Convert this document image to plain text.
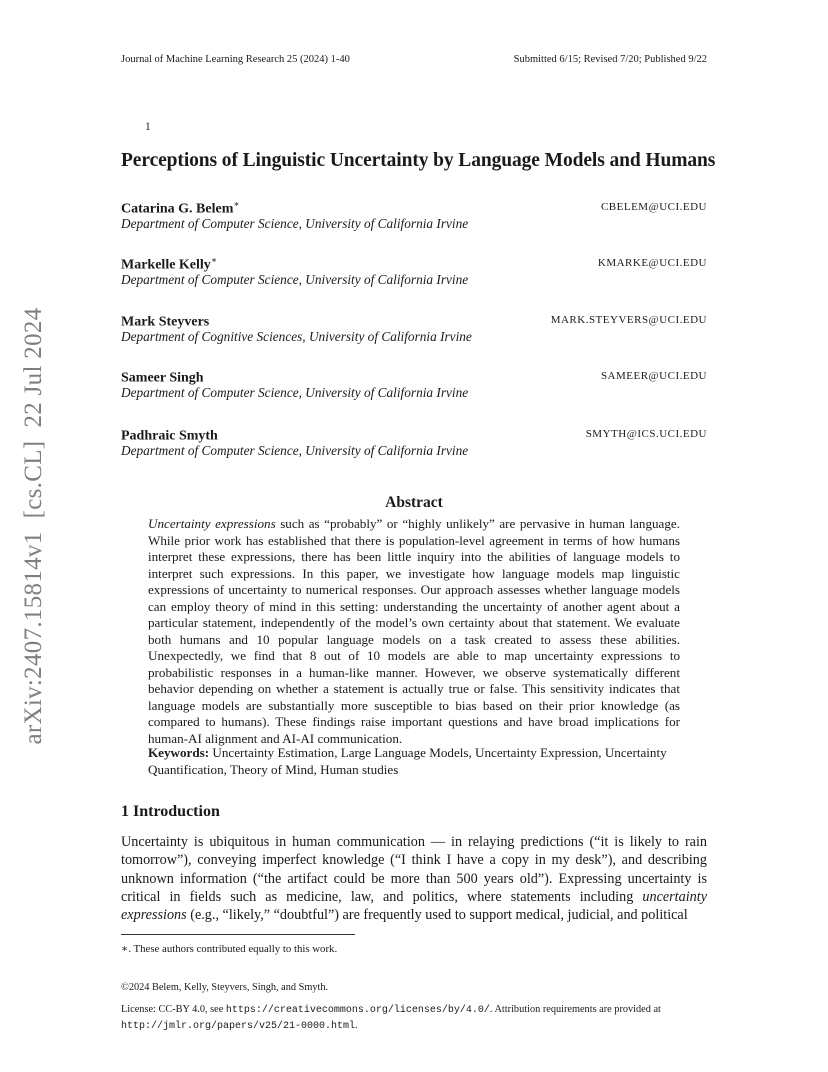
Journal of Machine Learning Research 25 (2024) 1-40	Submitted 6/15; Revised 7/20; Published 9/22
1
Perceptions of Linguistic Uncertainty by Language Models and Humans
Catarina G. Belem∗	CBELEM@UCI.EDU
Department of Computer Science, University of California Irvine
Markelle Kelly∗	KMARKE@UCI.EDU
Department of Computer Science, University of California Irvine
Mark Steyvers	MARK.STEYVERS@UCI.EDU
Department of Cognitive Sciences, University of California Irvine
Sameer Singh	SAMEER@UCI.EDU
Department of Computer Science, University of California Irvine
Padhraic Smyth	SMYTH@ICS.UCI.EDU
Department of Computer Science, University of California Irvine
Abstract

Uncertainty expressions such as “probably” or “highly unlikely” are pervasive in human language. While prior work has established that there is population-level agreement in terms of how humans interpret these expressions, there has been little inquiry into the abilities of language models to interpret such expressions. In this paper, we investigate how language models map linguistic expressions of uncertainty to numerical responses. Our approach assesses whether language models can employ theory of mind in this setting: understanding the uncertainty of another agent about a particular statement, independently of the model’s own certainty about that statement. We evaluate both humans and 10 popular language models on a task created to assess these abilities. Unexpectedly, we find that 8 out of 10 models are able to map uncertainty expressions to probabilistic responses in a human-like manner. However, we observe systematically different behavior depending on whether a statement is actually true or false. This sensitivity indicates that language models are substantially more susceptible to bias based on their prior knowledge (as compared to humans). These findings raise important questions and have broad implications for human-AI alignment and AI-AI communication.

Keywords: Uncertainty Estimation, Large Language Models, Uncertainty Expression, Uncertainty Quantification, Theory of Mind, Human studies
1 Introduction

Uncertainty is ubiquitous in human communication — in relaying predictions (“it is likely to rain tomorrow”), conveying imperfect knowledge (“I think I have a copy in my desk”), and describing unknown information (“the artifact could be more than 500 years old”). Expressing uncertainty is critical in fields such as medicine, law, and politics, where statements including uncertainty expressions (e.g., “likely,” “doubtful”) are frequently used to support medical, judicial, and political

∗. These authors contributed equally to this work.
©2024 Belem, Kelly, Steyvers, Singh, and Smyth.
License: CC-BY 4.0, see https://creativecommons.org/licenses/by/4.0/. Attribution requirements are provided at http://jmlr.org/papers/v25/21-0000.html.
arXiv:2407.15814v1  [cs.CL]  22 Jul 2024
